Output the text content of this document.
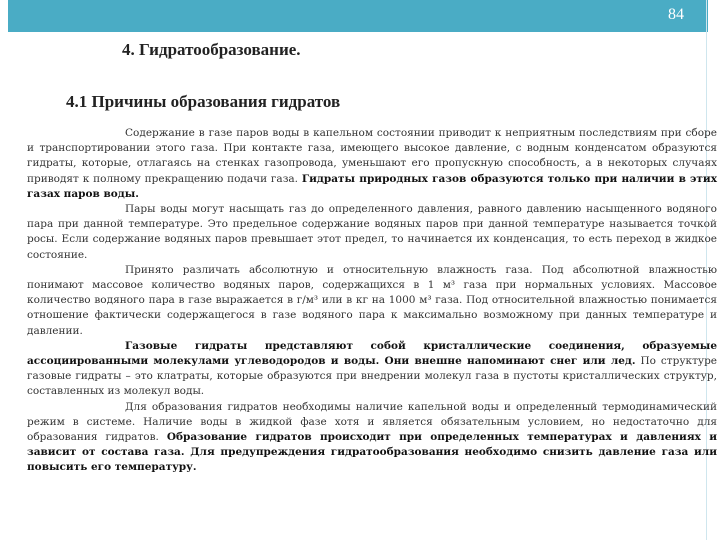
84
4. Гидратообразование.
4.1 Причины образования гидратов

Содержание в газе паров воды в капельном состоянии приводит к неприятным последствиям при сборе и транспортировании этого газа. При контакте газа, имеющего высокое давление, с водным конденсатом образуются гидраты, которые, отлагаясь на стенках газопровода, уменьшают его пропускную способность, а в некоторых случаях приводят к полному прекращению подачи газа. Гидраты природных газов образуются только при наличии в этих газах паров воды.

Пары воды могут насыщать газ до определенного давления, равного давлению насыщенного водяного пара при данной температуре. Это предельное содержание водяных паров при данной температуре называется точкой росы. Если содержание водяных паров превышает этот предел, то начинается их конденсация, то есть переход в жидкое состояние.

Принято различать абсолютную и относительную влажность газа. Под абсолютной влажностью понимают массовое количество водяных паров, содержащихся в 1 м³ газа при нормальных условиях. Массовое количество водяного пара в газе выражается в г/м³ или в кг на 1000 м³ газа. Под относительной влажностью понимается отношение фактически содержащегося в газе водяного пара к максимально возможному при данных температуре и давлении.

Газовые гидраты представляют собой кристаллические соединения, образуемые ассоциированными молекулами углеводородов и воды. Они внешне напоминают снег или лед. По структуре газовые гидраты – это клатраты, которые образуются при внедрении молекул газа в пустоты кристаллических структур, составленных из молекул воды.

Для образования гидратов необходимы наличие капельной воды и определенный термодинамический режим в системе. Наличие воды в жидкой фазе хотя и является обязательным условием, но недостаточно для образования гидратов. Образование гидратов происходит при определенных температурах и давлениях и зависит от состава газа. Для предупреждения гидратообразования необходимо снизить давление газа или повысить его температуру.
